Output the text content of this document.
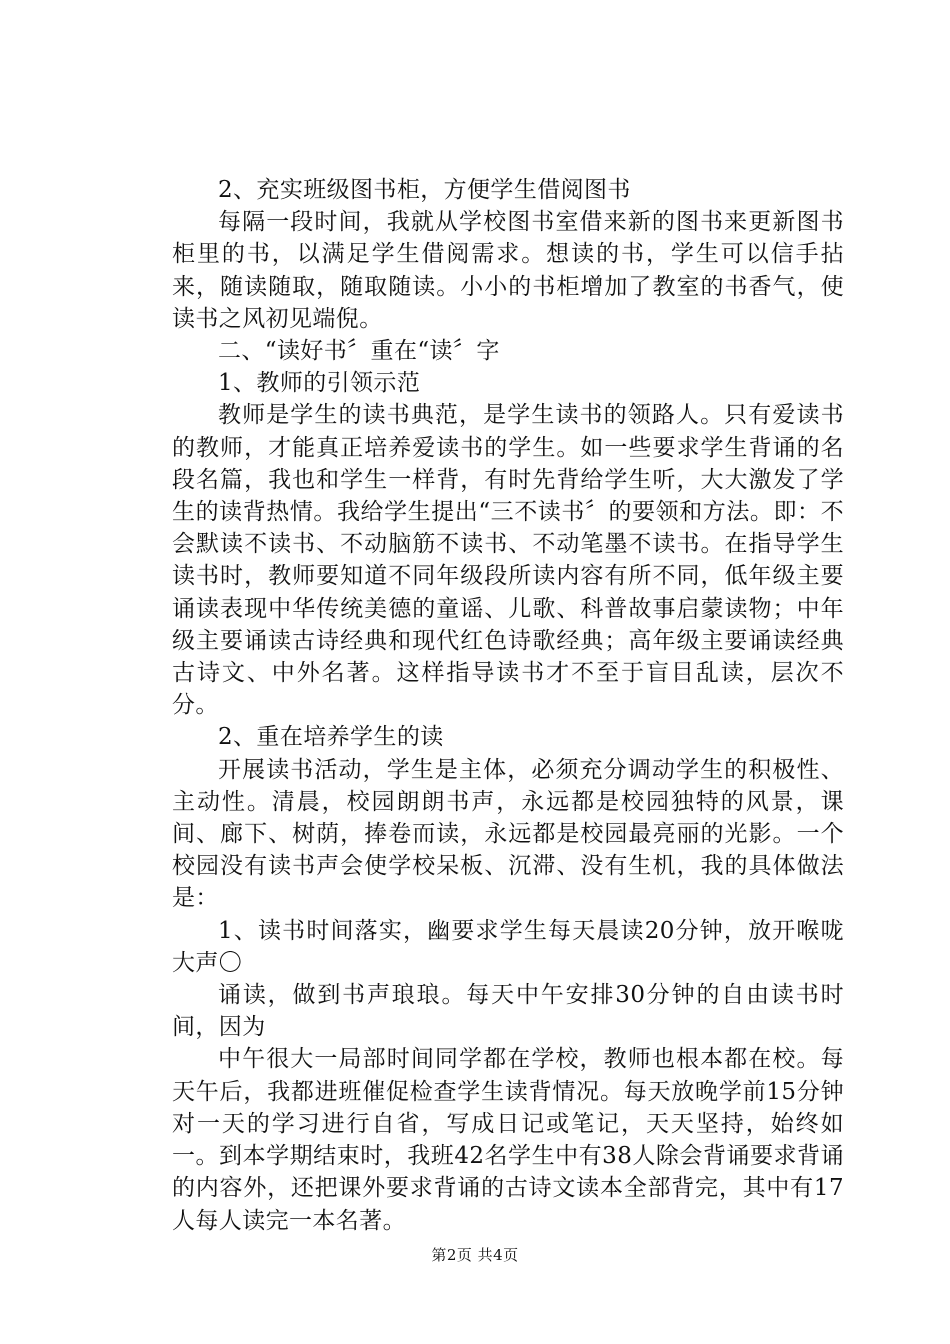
2、充实班级图书柜，方便学生借阅图书

每隔一段时间，我就从学校图书室借来新的图书来更新图书柜里的书，以满足学生借阅需求。想读的书，学生可以信手拈来，随读随取，随取随读。小小的书柜增加了教室的书香气，使读书之风初见端倪。

二、“读好书〞重在“读〞字

1、教师的引领示范

教师是学生的读书典范，是学生读书的领路人。只有爱读书的教师，才能真正培养爱读书的学生。如一些要求学生背诵的名段名篇，我也和学生一样背，有时先背给学生听，大大激发了学生的读背热情。我给学生提出“三不读书〞的要领和方法。即：不会默读不读书、不动脑筋不读书、不动笔墨不读书。在指导学生读书时，教师要知道不同年级段所读内容有所不同，低年级主要诵读表现中华传统美德的童谣、儿歌、科普故事启蒙读物；中年级主要诵读古诗经典和现代红色诗歌经典；高年级主要诵读经典古诗文、中外名著。这样指导读书才不至于盲目乱读，层次不分。

2、重在培养学生的读

开展读书活动，学生是主体，必须充分调动学生的积极性、主动性。清晨，校园朗朗书声，永远都是校园独特的风景，课间、廊下、树荫，捧卷而读，永远都是校园最亮丽的光影。一个校园没有读书声会使学校呆板、沉滞、没有生机，我的具体做法是：

1、读书时间落实，幽要求学生每天晨读20分钟，放开喉咙大声〇

诵读，做到书声琅琅。每天中午安排30分钟的自由读书时间，因为

中午很大一局部时间同学都在学校，教师也根本都在校。每天午后，我都进班催促检查学生读背情况。每天放晚学前15分钟对一天的学习进行自省，写成日记或笔记，天天坚持，始终如一。到本学期结束时，我班42名学生中有38人除会背诵要求背诵的内容外，还把课外要求背诵的古诗文读本全部背完，其中有17人每人读完一本名著。

第2页 共4页
